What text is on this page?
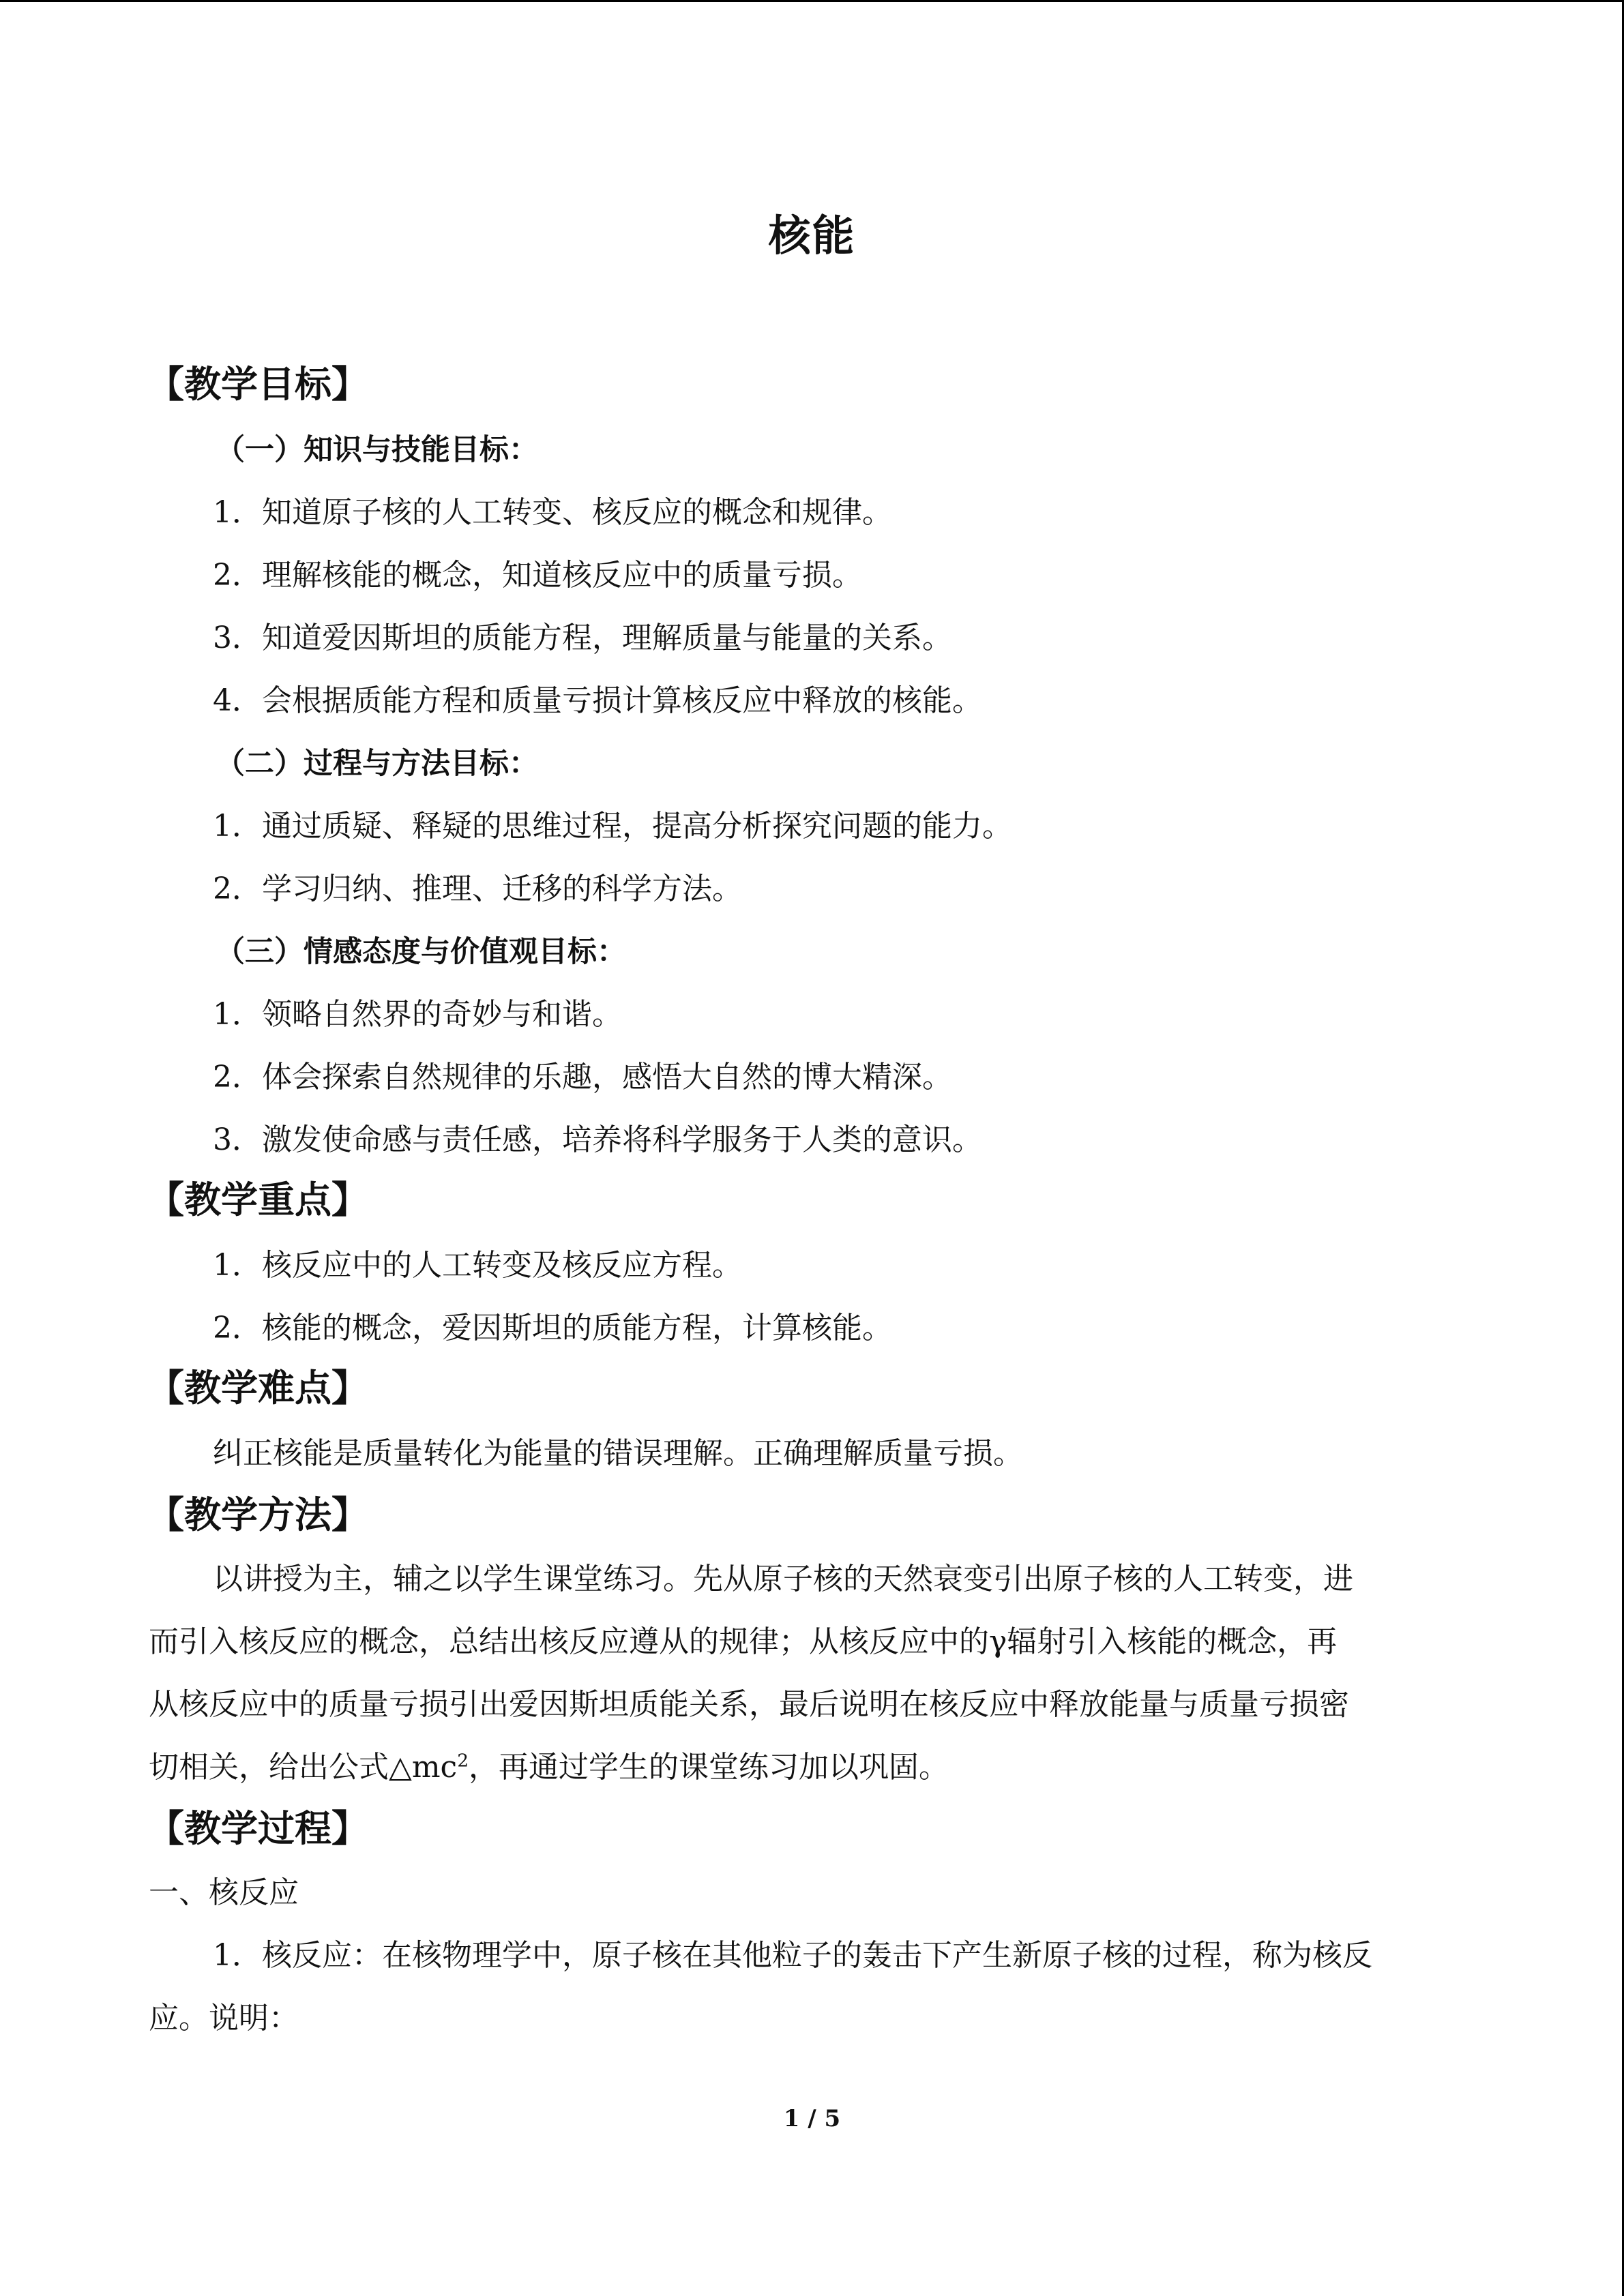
核能
【教学目标】
（一）知识与技能目标：
1．知道原子核的人工转变、核反应的概念和规律。
2．理解核能的概念，知道核反应中的质量亏损。
3．知道爱因斯坦的质能方程，理解质量与能量的关系。
4．会根据质能方程和质量亏损计算核反应中释放的核能。
（二）过程与方法目标：
1．通过质疑、释疑的思维过程，提高分析探究问题的能力。
2．学习归纳、推理、迁移的科学方法。
（三）情感态度与价值观目标：
1．领略自然界的奇妙与和谐。
2．体会探索自然规律的乐趣，感悟大自然的博大精深。
3．激发使命感与责任感，培养将科学服务于人类的意识。
【教学重点】
1．核反应中的人工转变及核反应方程。
2．核能的概念，爱因斯坦的质能方程，计算核能。
【教学难点】
纠正核能是质量转化为能量的错误理解。正确理解质量亏损。
【教学方法】
以讲授为主，辅之以学生课堂练习。先从原子核的天然衰变引出原子核的人工转变，进
而引入核反应的概念，总结出核反应遵从的规律；从核反应中的γ辐射引入核能的概念，再
从核反应中的质量亏损引出爱因斯坦质能关系，最后说明在核反应中释放能量与质量亏损密
切相关，给出公式$\triangle mc^2$，再通过学生的课堂练习加以巩固。
【教学过程】
一、核反应
1．核反应：在核物理学中，原子核在其他粒子的轰击下产生新原子核的过程，称为核反
应。说明：
1 / 5
